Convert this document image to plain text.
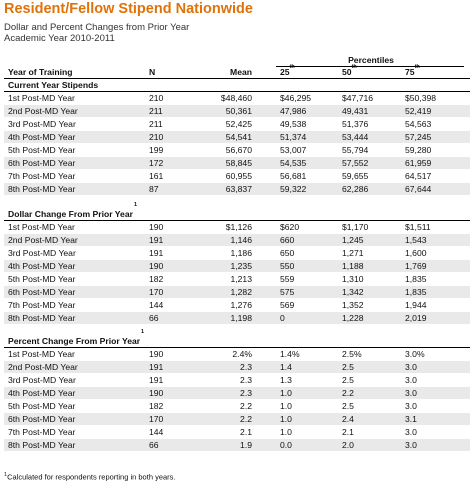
Resident/Fellow Stipend Nationwide
Dollar and Percent Changes from Prior Year
Academic Year 2010-2011
Percentiles
Year of Training	N	Mean	25th	50th	75th
Current Year Stipends
1st Post-MD Year	210	$48,460	$46,295	$47,716	$50,398
2nd Post-MD Year	211	50,361	47,986	49,431	52,419
3rd Post-MD Year	211	52,425	49,538	51,376	54,563
4th Post-MD Year	210	54,541	51,374	53,444	57,245
5th Post-MD Year	199	56,670	53,007	55,794	59,280
6th Post-MD Year	172	58,845	54,535	57,552	61,959
7th Post-MD Year	161	60,955	56,681	59,655	64,517
8th Post-MD Year	87	63,837	59,322	62,286	67,644
Dollar Change From Prior Year
1
1st Post-MD Year	190	$1,126	$620	$1,170	$1,511
2nd Post-MD Year	191	1,146	660	1,245	1,543
3rd Post-MD Year	191	1,186	650	1,271	1,600
4th Post-MD Year	190	1,235	550	1,188	1,769
5th Post-MD Year	182	1,213	559	1,310	1,835
6th Post-MD Year	170	1,282	575	1,342	1,835
7th Post-MD Year	144	1,276	569	1,352	1,944
8th Post-MD Year	66	1,198	0	1,228	2,019
Percent Change From Prior Year
1
1st Post-MD Year	190	2.4%	1.4%	2.5%	3.0%
2nd Post-MD Year	191	2.3	1.4	2.5	3.0
3rd Post-MD Year	191	2.3	1.3	2.5	3.0
4th Post-MD Year	190	2.3	1.0	2.2	3.0
5th Post-MD Year	182	2.2	1.0	2.5	3.0
6th Post-MD Year	170	2.2	1.0	2.4	3.1
7th Post-MD Year	144	2.1	1.0	2.1	3.0
8th Post-MD Year	66	1.9	0.0	2.0	3.0
$^1$Calculated for respondents reporting in both years.
